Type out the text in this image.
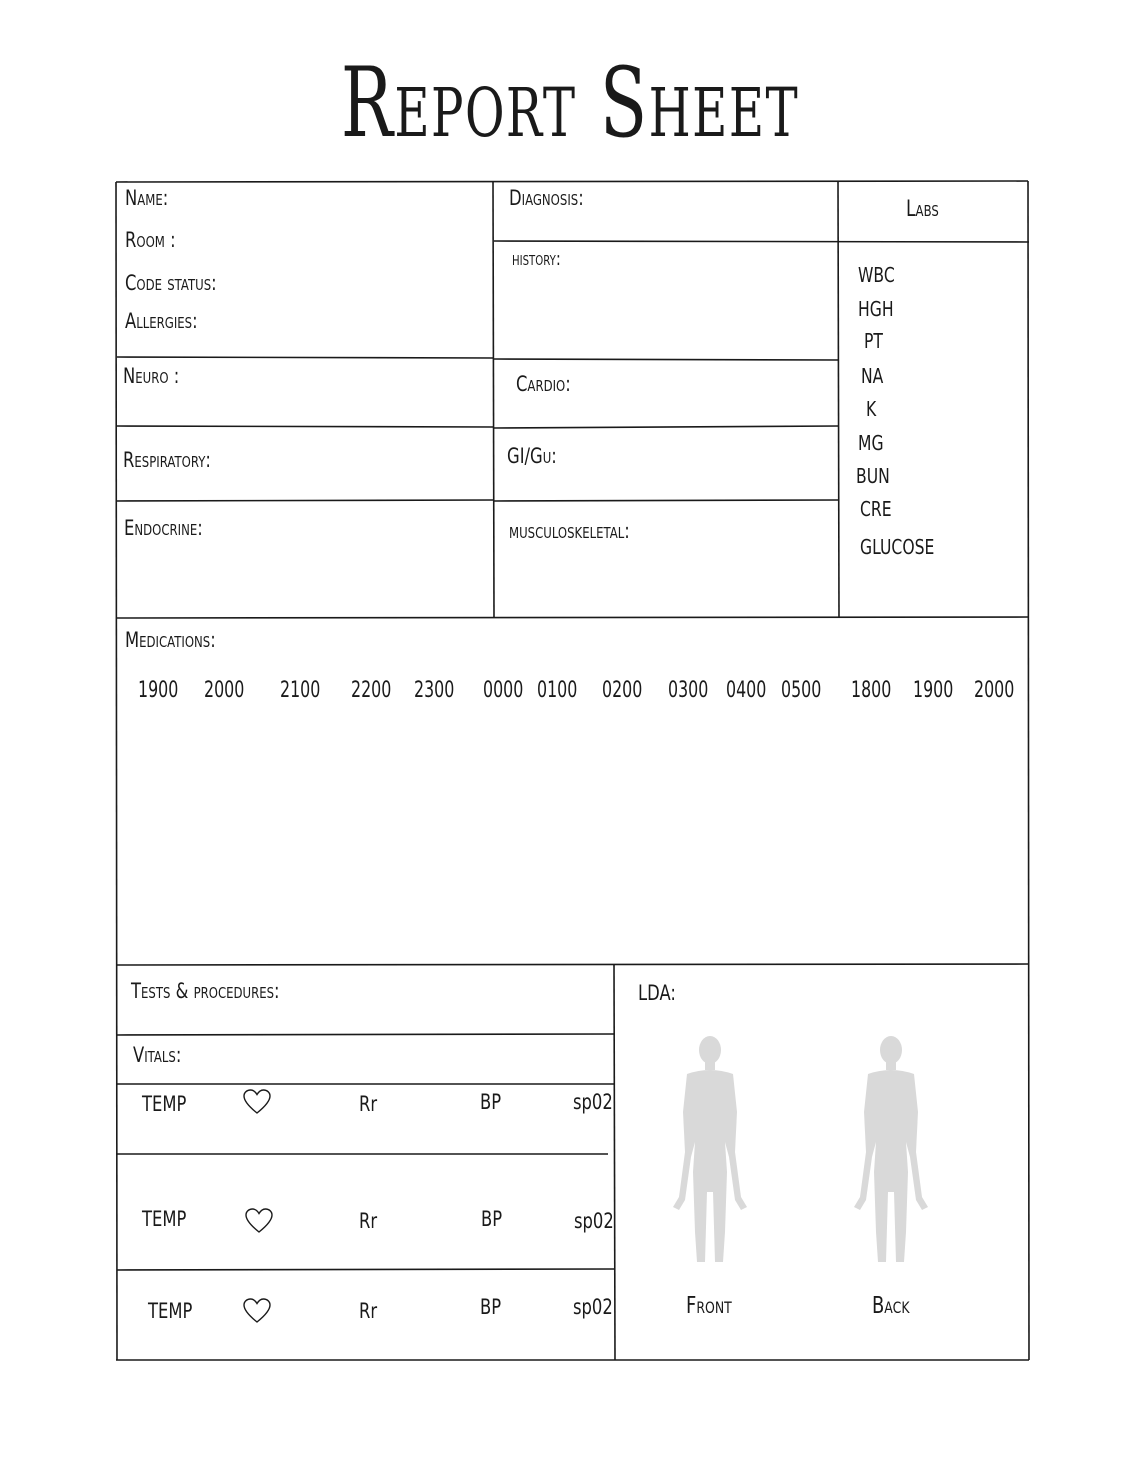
Report Sheet
Name:
Room :
Code status:
Allergies:
Diagnosis:
history:
Labs
Neuro :	Cardio:
Respiratory:	GI/Gu:
Endocrine:	musculoskeletal:
WBC
HGH
PT
NA
K
MG
BUN
CRE
GLUCOSE
Medications:
1900 2000 2100 2200 2300 0000 0100 0200 0300 0400 0500 1800 1900 2000
Tests & procedures:
Vitals:
LDA:
TEMP	Rr	BP	sp02
TEMP	Rr	BP	sp02
TEMP	Rr	BP	sp02	Front	Back
